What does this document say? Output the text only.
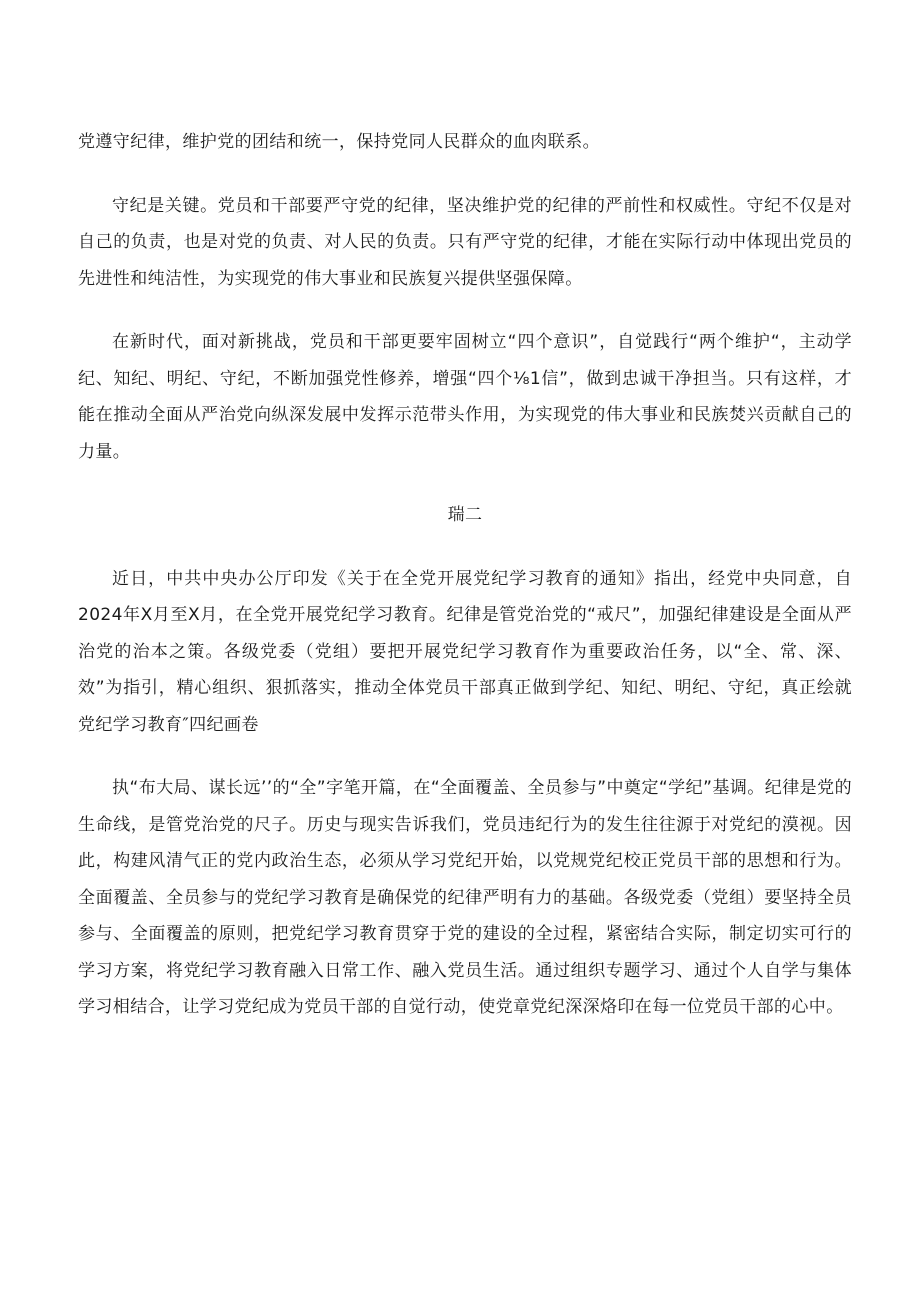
党遵守纪律，维护党的团结和统一，保持党同人民群众的血肉联系。

守纪是关键。党员和干部要严守党的纪律，坚决维护党的纪律的严前性和权威性。守纪不仅是对自己的负责，也是对党的负责、对人民的负责。只有严守党的纪律，才能在实际行动中体现出党员的先进性和纯洁性，为实现党的伟大事业和民族复兴提供坚强保障。

在新时代，面对新挑战，党员和干部更要牢固树立“四个意识”，自觉践行“两个维护“，主动学纪、知纪、明纪、守纪，不断加强党性修养，增强“四个⅛1信”，做到忠诚干净担当。只有这样，才能在推动全面从严治党向纵深发展中发挥示范带头作用，为实现党的伟大事业和民族焚兴贡献自己的力量。

瑞二

近日，中共中央办公厅印发《关于在全党开展党纪学习教育的通知》指出，经党中央同意，自2024年X月至X月，在全党开展党纪学习教育。纪律是管党治党的“戒尺”，加强纪律建设是全面从严治党的治本之策。各级党委（党组）要把开展党纪学习教育作为重要政治任务，以“全、常、深、效”为指引，精心组织、狠抓落实，推动全体党员干部真正做到学纪、知纪、明纪、守纪，真正绘就党纪学习教育″四纪画卷

执“布大局、谋长远’’的“全”字笔开篇，在“全面覆盖、全员参与”中奠定“学纪”基调。纪律是党的生命线，是管党治党的尺子。历史与现实告诉我们，党员违纪行为的发生往往源于对党纪的漠视。因此，构建风清气正的党内政治生态，必须从学习党纪开始，以党规党纪校正党员干部的思想和行为。全面覆盖、全员参与的党纪学习教育是确保党的纪律严明有力的基础。各级党委（党组）要坚持全员参与、全面覆盖的原则，把党纪学习教育贯穿于党的建设的全过程，紧密结合实际，制定切实可行的学习方案，将党纪学习教育融入日常工作、融入党员生活。通过组织专题学习、通过个人自学与集体学习相结合，让学习党纪成为党员干部的自觉行动，使党章党纪深深烙印在每一位党员干部的心中。
